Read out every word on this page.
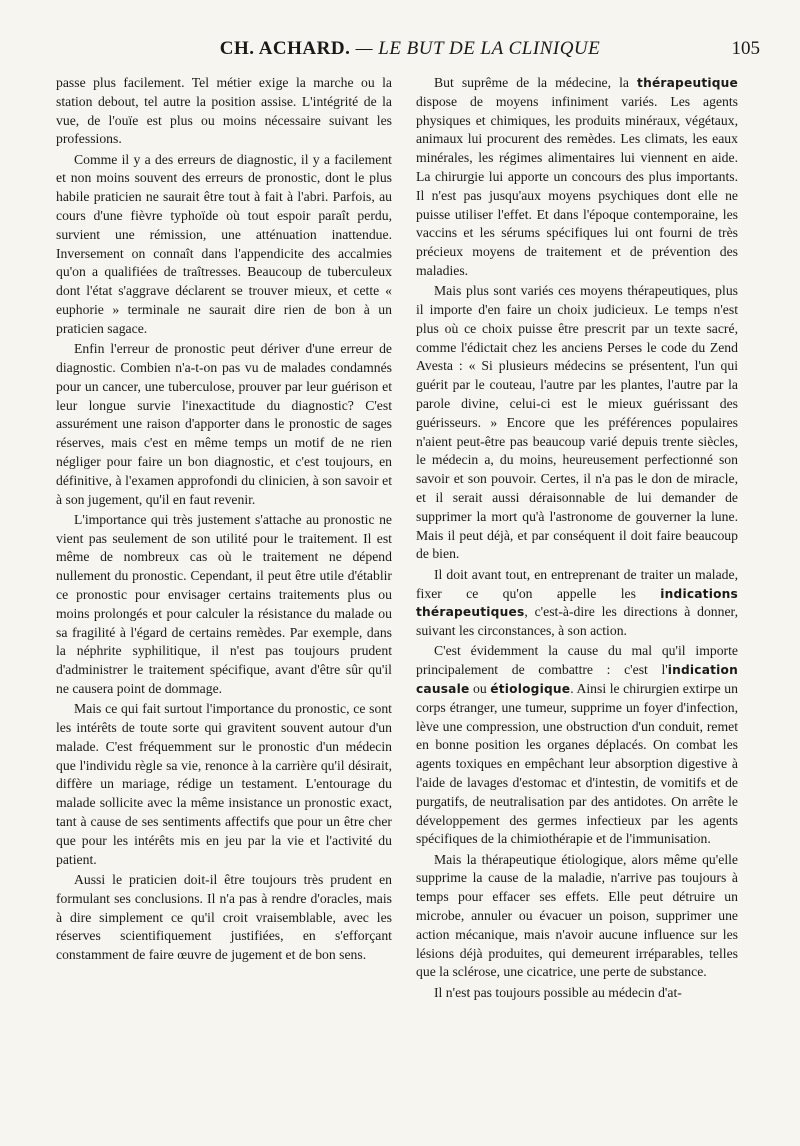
CH. ACHARD. — LE BUT DE LA CLINIQUE	105

passe plus facilement. Tel métier exige la marche ou la station debout, tel autre la position assise. L'intégrité de la vue, de l'ouïe est plus ou moins nécessaire suivant les professions.

Comme il y a des erreurs de diagnostic, il y a facilement et non moins souvent des erreurs de pronostic, dont le plus habile praticien ne saurait être tout à fait à l'abri. Parfois, au cours d'une fièvre typhoïde où tout espoir paraît perdu, survient une rémission, une atténuation inattendue. Inversement on connaît dans l'appendicite des accalmies qu'on a qualifiées de traîtresses. Beaucoup de tuberculeux dont l'état s'aggrave déclarent se trouver mieux, et cette « euphorie » terminale ne saurait dire rien de bon à un praticien sagace.

Enfin l'erreur de pronostic peut dériver d'une erreur de diagnostic. Combien n'a-t-on pas vu de malades condamnés pour un cancer, une tuberculose, prouver par leur guérison et leur longue survie l'inexactitude du diagnostic? C'est assurément une raison d'apporter dans le pronostic de sages réserves, mais c'est en même temps un motif de ne rien négliger pour faire un bon diagnostic, et c'est toujours, en définitive, à l'examen approfondi du clinicien, à son savoir et à son jugement, qu'il en faut revenir.

L'importance qui très justement s'attache au pronostic ne vient pas seulement de son utilité pour le traitement. Il est même de nombreux cas où le traitement ne dépend nullement du pronostic. Cependant, il peut être utile d'établir ce pronostic pour envisager certains traitements plus ou moins prolongés et pour calculer la résistance du malade ou sa fragilité à l'égard de certains remèdes. Par exemple, dans la néphrite syphilitique, il n'est pas toujours prudent d'administrer le traitement spécifique, avant d'être sûr qu'il ne causera point de dommage.

Mais ce qui fait surtout l'importance du pronostic, ce sont les intérêts de toute sorte qui gravitent souvent autour d'un malade. C'est fréquemment sur le pronostic d'un médecin que l'individu règle sa vie, renonce à la carrière qu'il désirait, diffère un mariage, rédige un testament. L'entourage du malade sollicite avec la même insistance un pronostic exact, tant à cause de ses sentiments affectifs que pour un être cher que pour les intérêts mis en jeu par la vie et l'activité du patient.

Aussi le praticien doit-il être toujours très prudent en formulant ses conclusions. Il n'a pas à rendre d'oracles, mais à dire simplement ce qu'il croit vraisemblable, avec les réserves scientifiquement justifiées, en s'efforçant constamment de faire œuvre de jugement et de bon sens.

But suprême de la médecine, la thérapeutique dispose de moyens infiniment variés. Les agents physiques et chimiques, les produits minéraux, végétaux, animaux lui procurent des remèdes. Les climats, les eaux minérales, les régimes alimentaires lui viennent en aide. La chirurgie lui apporte un concours des plus importants. Il n'est pas jusqu'aux moyens psychiques dont elle ne puisse utiliser l'effet. Et dans l'époque contemporaine, les vaccins et les sérums spécifiques lui ont fourni de très précieux moyens de traitement et de prévention des maladies.

Mais plus sont variés ces moyens thérapeutiques, plus il importe d'en faire un choix judicieux. Le temps n'est plus où ce choix puisse être prescrit par un texte sacré, comme l'édictait chez les anciens Perses le code du Zend Avesta : « Si plusieurs médecins se présentent, l'un qui guérit par le couteau, l'autre par les plantes, l'autre par la parole divine, celui-ci est le mieux guérissant des guérisseurs. » Encore que les préférences populaires n'aient peut-être pas beaucoup varié depuis trente siècles, le médecin a, du moins, heureusement perfectionné son savoir et son pouvoir. Certes, il n'a pas le don de miracle, et il serait aussi déraisonnable de lui demander de supprimer la mort qu'à l'astronome de gouverner la lune. Mais il peut déjà, et par conséquent il doit faire beaucoup de bien.

Il doit avant tout, en entreprenant de traiter un malade, fixer ce qu'on appelle les indications thérapeutiques, c'est-à-dire les directions à donner, suivant les circonstances, à son action.

C'est évidemment la cause du mal qu'il importe principalement de combattre : c'est l'indication causale ou étiologique. Ainsi le chirurgien extirpe un corps étranger, une tumeur, supprime un foyer d'infection, lève une compression, une obstruction d'un conduit, remet en bonne position les organes déplacés. On combat les agents toxiques en empêchant leur absorption digestive à l'aide de lavages d'estomac et d'intestin, de vomitifs et de purgatifs, de neutralisation par des antidotes. On arrête le développement des germes infectieux par les agents spécifiques de la chimiothérapie et de l'immunisation.

Mais la thérapeutique étiologique, alors même qu'elle supprime la cause de la maladie, n'arrive pas toujours à temps pour effacer ses effets. Elle peut détruire un microbe, annuler ou évacuer un poison, supprimer une action mécanique, mais n'avoir aucune influence sur les lésions déjà produites, qui demeurent irréparables, telles que la sclérose, une cicatrice, une perte de substance.

Il n'est pas toujours possible au médecin d'at-
